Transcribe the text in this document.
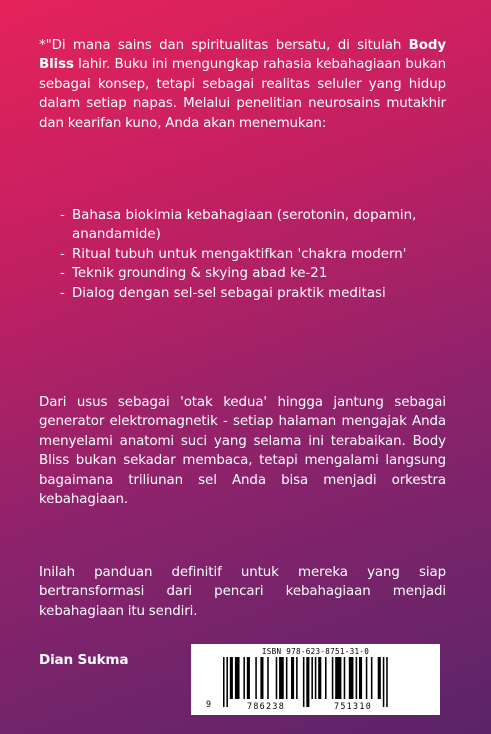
*"Di mana sains dan spiritualitas bersatu, di situlah Body Bliss lahir. Buku ini mengungkap rahasia kebahagiaan bukan sebagai konsep, tetapi sebagai realitas seluler yang hidup dalam setiap napas. Melalui penelitian neurosains mutakhir dan kearifan kuno, Anda akan menemukan:
- Bahasa biokimia kebahagiaan (serotonin, dopamin, anandamide)
- Ritual tubuh untuk mengaktifkan 'chakra modern'
- Teknik grounding & skying abad ke-21
- Dialog dengan sel-sel sebagai praktik meditasi
Dari usus sebagai 'otak kedua' hingga jantung sebagai generator elektromagnetik - setiap halaman mengajak Anda menyelami anatomi suci yang selama ini terabaikan. Body Bliss bukan sekadar membaca, tetapi mengalami langsung bagaimana triliunan sel Anda bisa menjadi orkestra kebahagiaan.
Inilah panduan definitif untuk mereka yang siap bertransformasi dari pencari kebahagiaan menjadi kebahagiaan itu sendiri.
Dian Sukma
ISBN 978-623-8751-31-0
9	786238	751310
